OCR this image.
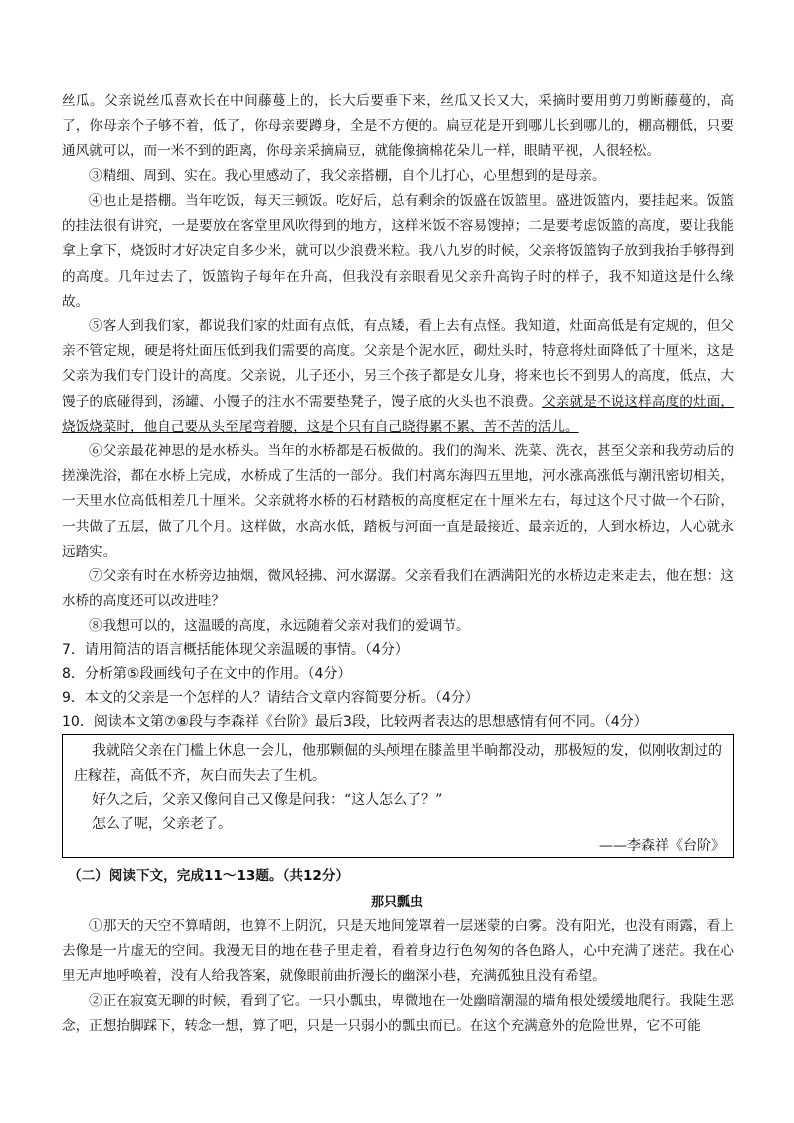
丝瓜。父亲说丝瓜喜欢长在中间藤蔓上的，长大后要垂下来，丝瓜又长又大，采摘时要用剪刀剪断藤蔓的，高了，你母亲个子够不着，低了，你母亲要蹲身，全是不方便的。扁豆花是开到哪儿长到哪儿的，棚高棚低，只要通风就可以，而一米不到的距离，你母亲采摘扁豆，就能像摘棉花朵儿一样，眼睛平视，人很轻松。

③精细、周到、实在。我心里感动了，我父亲搭棚，自个儿打心，心里想到的是母亲。

④也止是搭棚。当年吃饭，每天三顿饭。吃好后，总有剩余的饭盛在饭篮里。盛进饭篮内，要挂起来。饭篮的挂法很有讲究，一是要放在客堂里风吹得到的地方，这样米饭不容易馊掉；二是要考虑饭篮的高度，要让我能拿上拿下，烧饭时才好决定自多少米，就可以少浪费米粒。我八九岁的时候，父亲将饭篮钩子放到我抬手够得到的高度。几年过去了，饭篮钩子每年在升高，但我没有亲眼看见父亲升高钩子时的样子，我不知道这是什么缘故。

⑤客人到我们家，都说我们家的灶面有点低，有点矮，看上去有点怪。我知道，灶面高低是有定规的，但父亲不管定规，硬是将灶面压低到我们需要的高度。父亲是个泥水匠，砌灶头时，特意将灶面降低了十厘米，这是父亲为我们专门设计的高度。父亲说，儿子还小，另三个孩子都是女儿身，将来也长不到男人的高度，低点，大馒子的底碰得到，汤罐、小馒子的注水不需要垫凳子，馒子底的火头也不浪费。父亲就是不说这样高度的灶面，烧饭烧菜时，他自己要从头至尾弯着腰，这是个只有自己晓得累不累、苦不苦的活儿。

⑥父亲最花神思的是水桥头。当年的水桥都是石板做的。我们的淘米、洗菜、洗衣，甚至父亲和我劳动后的搓澡洗浴，都在水桥上完成，水桥成了生活的一部分。我们村离东海四五里地，河水涨高涨低与潮汛密切相关，一天里水位高低相差几十厘米。父亲就将水桥的石材踏板的高度框定在十厘米左右，每过这个尺寸做一个石阶，一共做了五层，做了几个月。这样做，水高水低，踏板与河面一直是最接近、最亲近的，人到水桥边，人心就永远踏实。

⑦父亲有时在水桥旁边抽烟，微风轻拂、河水潺潺。父亲看我们在洒满阳光的水桥边走来走去，他在想：这水桥的高度还可以改进哇？

⑧我想可以的，这温暖的高度，永远随着父亲对我们的爱调节。

7．请用简洁的语言概括能体现父亲温暖的事情。（4分）

8．分析第⑤段画线句子在文中的作用。（4分）

9．本文的父亲是一个怎样的人？请结合文章内容简要分析。（4分）

10．阅读本文第⑦⑧段与李森祥《台阶》最后3段，比较两者表达的思想感情有何不同。（4分）

我就陪父亲在门槛上休息一会儿，他那颗倔的头颅埋在膝盖里半晌都没动，那极短的发，似刚收割过的庄稼茬，高低不齐，灰白而失去了生机。

好久之后，父亲又像问自己又像是问我：“这人怎么了？”

怎么了呢，父亲老了。

——李森祥《台阶》

（二）阅读下文，完成11～13题。（共12分）

那只瓢虫

①那天的天空不算晴朗，也算不上阴沉，只是天地间笼罩着一层迷蒙的白雾。没有阳光，也没有雨露，看上去像是一片虚无的空间。我漫无目的地在巷子里走着，看着身边行色匆匆的各色路人，心中充满了迷茫。我在心里无声地呼唤着，没有人给我答案，就像眼前曲折漫长的幽深小巷，充满孤独且没有希望。

②正在寂寞无聊的时候，看到了它。一只小瓢虫，卑微地在一处幽暗潮湿的墙角根处缓缓地爬行。我陡生恶念，正想抬脚踩下，转念一想，算了吧，只是一只弱小的瓢虫而已。在这个充满意外的危险世界，它不可能
